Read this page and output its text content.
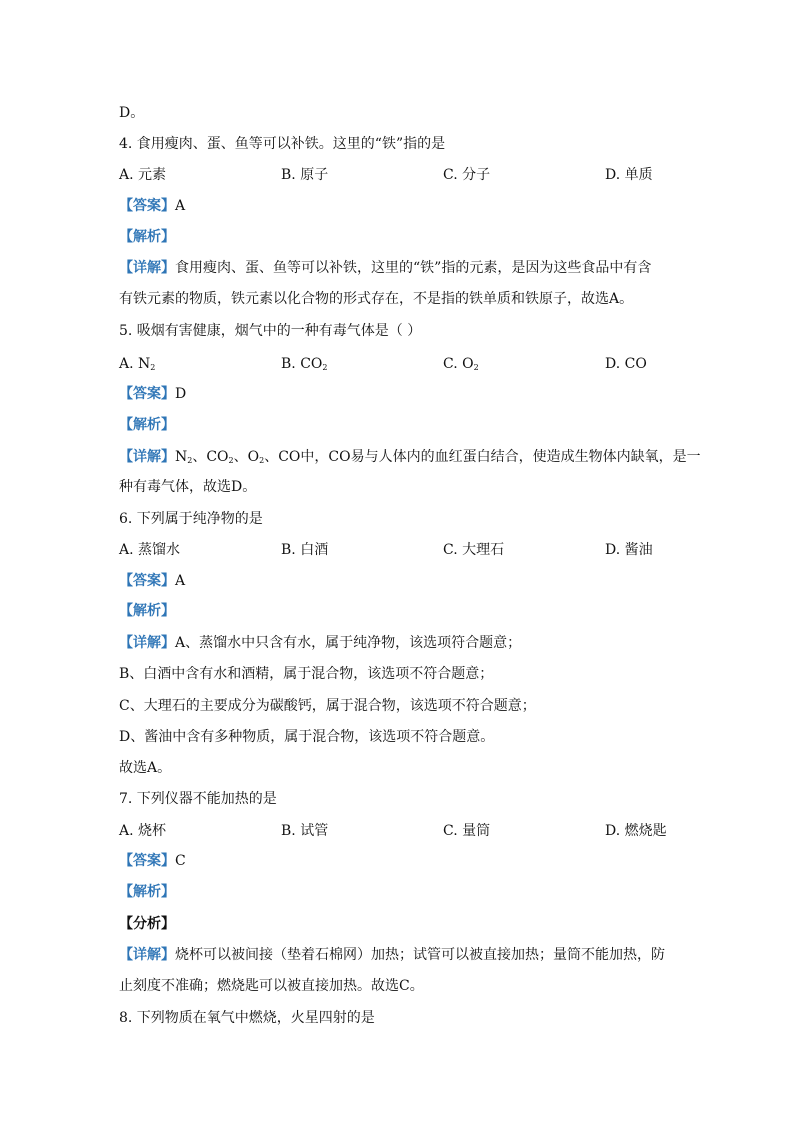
D。
4. 食用瘦肉、蛋、鱼等可以补铁。这里的“铁”指的是
A. 元素	B. 原子	C. 分子	D. 单质
【答案】A
【解析】
【详解】食用瘦肉、蛋、鱼等可以补铁，这里的“铁”指的元素，是因为这些食品中有含
有铁元素的物质，铁元素以化合物的形式存在，不是指的铁单质和铁原子，故选A。
5. 吸烟有害健康，烟气中的一种有毒气体是（ ）
A. $N_2$	B. $CO_2$	C. $O_2$	D. CO
【答案】D
【解析】
【详解】$N_2$、$CO_2$、$O_2$、CO中，CO易与人体内的血红蛋白结合，使造成生物体内缺氧，是一
种有毒气体，故选D。
6. 下列属于纯净物的是
A. 蒸馏水	B. 白酒	C. 大理石	D. 酱油
【答案】A
【解析】
【详解】A、蒸馏水中只含有水，属于纯净物，该选项符合题意；
B、白酒中含有水和酒精，属于混合物，该选项不符合题意；
C、大理石的主要成分为碳酸钙，属于混合物，该选项不符合题意；
D、酱油中含有多种物质，属于混合物，该选项不符合题意。
故选A。
7. 下列仪器不能加热的是
A. 烧杯	B. 试管	C. 量筒	D. 燃烧匙
【答案】C
【解析】
【分析】
【详解】烧杯可以被间接（垫着石棉网）加热；试管可以被直接加热；量筒不能加热，防
止刻度不准确；燃烧匙可以被直接加热。故选C。
8. 下列物质在氧气中燃烧，火星四射的是
